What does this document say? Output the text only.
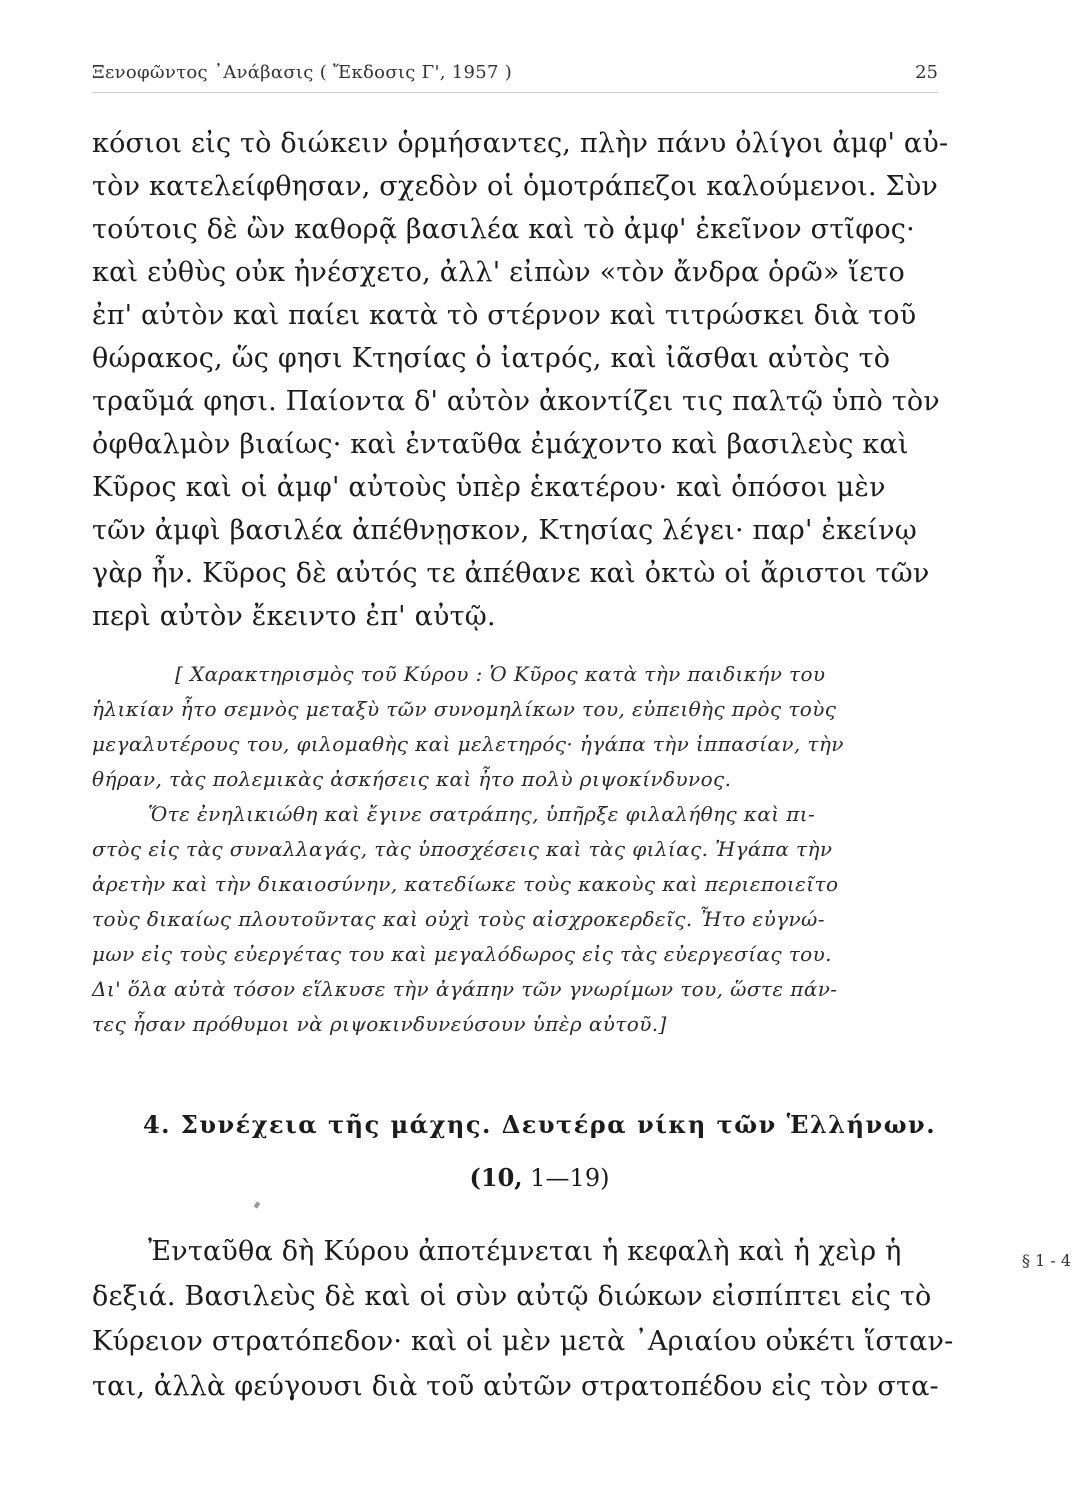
Ξενοφῶντος ᾿Ανάβασις ( Ἔκδοσις Γ', 1957 )	25
κόσιοι εἰς τὸ διώκειν ὁρμήσαντες, πλὴν πάνυ ὀλίγοι ἀμφ' αὐ-
τὸν κατελείφθησαν, σχεδὸν οἱ ὁμοτράπεζοι καλούμενοι. Σὺν
τούτοις δὲ ὢν καθορᾷ βασιλέα καὶ τὸ ἀμφ' ἐκεῖνον στῖφος·
καὶ εὐθὺς οὐκ ἠνέσχετο, ἀλλ' εἰπὼν «τὸν ἄνδρα ὁρῶ» ἵετο
ἐπ' αὐτὸν καὶ παίει κατὰ τὸ στέρνον καὶ τιτρώσκει διὰ τοῦ
θώρακος, ὥς φησι Κτησίας ὁ ἰατρός, καὶ ἰᾶσθαι αὐτὸς τὸ
τραῦμά φησι. Παίοντα δ' αὐτὸν ἀκοντίζει τις παλτῷ ὑπὸ τὸν
ὀφθαλμὸν βιαίως· καὶ ἐνταῦθα ἐμάχοντο καὶ βασιλεὺς καὶ
Κῦρος καὶ οἱ ἀμφ' αὐτοὺς ὑπὲρ ἑκατέρου· καὶ ὁπόσοι μὲν
τῶν ἀμφὶ βασιλέα ἀπέθνῃσκον, Κτησίας λέγει· παρ' ἐκείνῳ
γὰρ ἦν. Κῦρος δὲ αὐτός τε ἀπέθανε καὶ ὀκτὼ οἱ ἄριστοι τῶν
περὶ αὐτὸν ἔκειντο ἐπ' αὐτῷ.
[ Χαρακτηρισμὸς τοῦ Κύρου : Ὁ Κῦρος κατὰ τὴν παιδικήν του
ἡλικίαν ἦτο σεμνὸς μεταξὺ τῶν συνομηλίκων του, εὐπειθὴς πρὸς τοὺς
μεγαλυτέρους του, φιλομαθὴς καὶ μελετηρός· ἠγάπα τὴν ἱππασίαν, τὴν
θήραν, τὰς πολεμικὰς ἀσκήσεις καὶ ἦτο πολὺ ριψοκίνδυνος.
Ὅτε ἐνηλικιώθη καὶ ἔγινε σατράπης, ὑπῆρξε φιλαλήθης καὶ πι-
στὸς εἰς τὰς συναλλαγάς, τὰς ὑποσχέσεις καὶ τὰς φιλίας. Ἠγάπα τὴν
ἀρετὴν καὶ τὴν δικαιοσύνην, κατεδίωκε τοὺς κακοὺς καὶ περιεποιεῖτο
τοὺς δικαίως πλουτοῦντας καὶ οὐχὶ τοὺς αἰσχροκερδεῖς. Ἦτο εὐγνώ-
μων εἰς τοὺς εὐεργέτας του καὶ μεγαλόδωρος εἰς τὰς εὐεργεσίας του.
Δι' ὅλα αὐτὰ τόσον εἵλκυσε τὴν ἀγάπην τῶν γνωρίμων του, ὥστε πάν-
τες ἦσαν πρόθυμοι νὰ ριψοκινδυνεύσουν ὑπὲρ αὐτοῦ.]
4. Συνέχεια τῆς μάχης. Δευτέρα νίκη τῶν Ἑλλήνων.
(10, 1—19)
Ἐνταῦθα δὴ Κύρου ἀποτέμνεται ἡ κεφαλὴ καὶ ἡ χεὶρ ἡ
δεξιά. Βασιλεὺς δὲ καὶ οἱ σὺν αὐτῷ διώκων εἰσπίπτει εἰς τὸ
Κύρειον στρατόπεδον· καὶ οἱ μὲν μετὰ ᾿Αριαίου οὐκέτι ἵσταν-
ται, ἀλλὰ φεύγουσι διὰ τοῦ αὐτῶν στρατοπέδου εἰς τὸν στα-
§ 1 - 4
